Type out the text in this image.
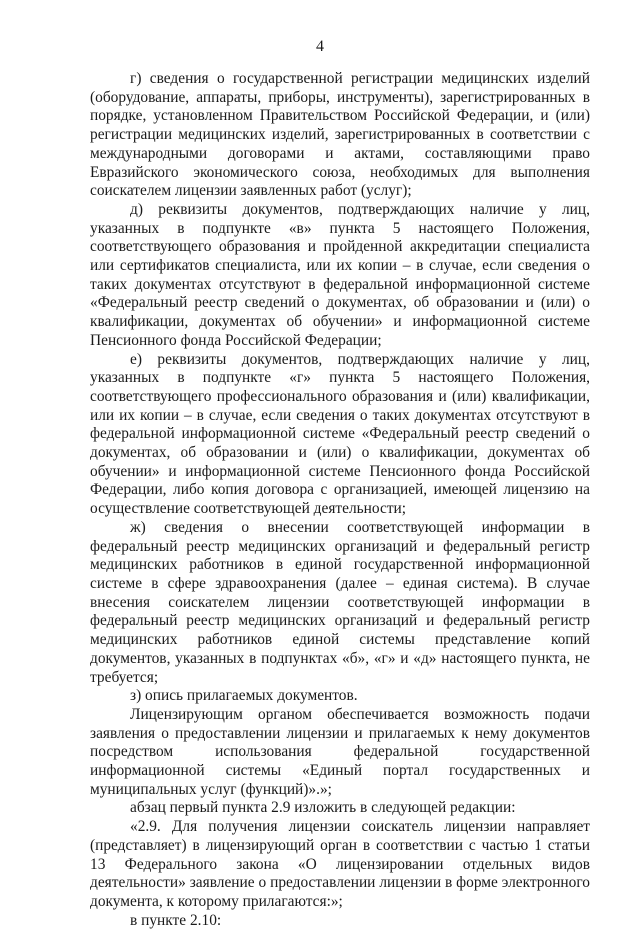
4

г) сведения о государственной регистрации медицинских изделий (оборудование, аппараты, приборы, инструменты), зарегистрированных в порядке, установленном Правительством Российской Федерации, и (или) регистрации медицинских изделий, зарегистрированных в соответствии с международными договорами и актами, составляющими право Евразийского экономического союза, необходимых для выполнения соискателем лицензии заявленных работ (услуг);

д) реквизиты документов, подтверждающих наличие у лиц, указанных в подпункте «в» пункта 5 настоящего Положения, соответствующего образования и пройденной аккредитации специалиста или сертификатов специалиста, или их копии – в случае, если сведения о таких документах отсутствуют в федеральной информационной системе «Федеральный реестр сведений о документах, об образовании и (или) о квалификации, документах об обучении» и информационной системе Пенсионного фонда Российской Федерации;

е) реквизиты документов, подтверждающих наличие у лиц, указанных в подпункте «г» пункта 5 настоящего Положения, соответствующего профессионального образования и (или) квалификации, или их копии – в случае, если сведения о таких документах отсутствуют в федеральной информационной системе «Федеральный реестр сведений о документах, об образовании и (или) о квалификации, документах об обучении» и информационной системе Пенсионного фонда Российской Федерации, либо копия договора с организацией, имеющей лицензию на осуществление соответствующей деятельности;

ж) сведения о внесении соответствующей информации в федеральный реестр медицинских организаций и федеральный регистр медицинских работников в единой государственной информационной системе в сфере здравоохранения (далее – единая система). В случае внесения соискателем лицензии соответствующей информации в федеральный реестр медицинских организаций и федеральный регистр медицинских работников единой системы представление копий документов, указанных в подпунктах «б», «г» и «д» настоящего пункта, не требуется;

з) опись прилагаемых документов.

Лицензирующим органом обеспечивается возможность подачи заявления о предоставлении лицензии и прилагаемых к нему документов посредством использования федеральной государственной информационной системы «Единый портал государственных и муниципальных услуг (функций)».»;

абзац первый пункта 2.9 изложить в следующей редакции:

«2.9. Для получения лицензии соискатель лицензии направляет (представляет) в лицензирующий орган в соответствии с частью 1 статьи 13 Федерального закона «О лицензировании отдельных видов деятельности» заявление о предоставлении лицензии в форме электронного документа, к которому прилагаются:»;

в пункте 2.10:
